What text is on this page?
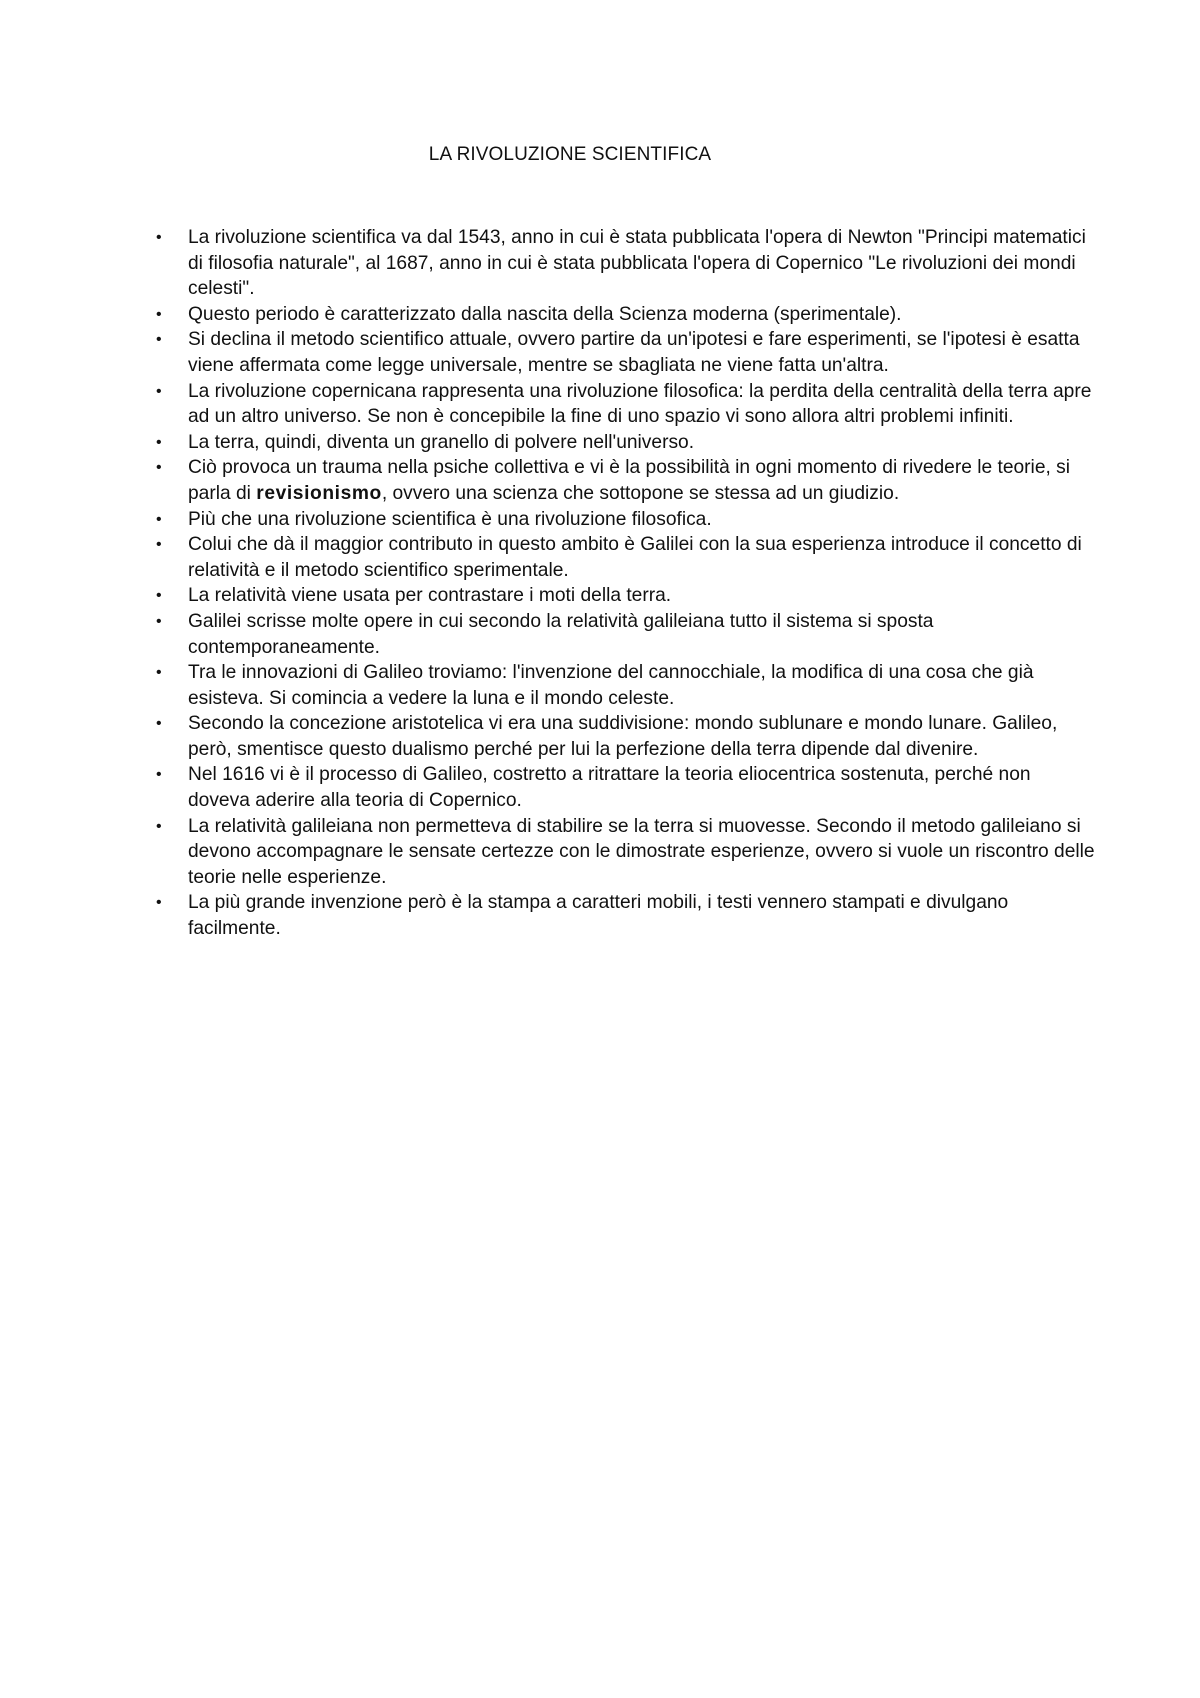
LA RIVOLUZIONE SCIENTIFICA
•	La rivoluzione scientifica va dal 1543, anno in cui è stata pubblicata l'opera di Newton "Principi matematici di filosofia naturale", al 1687, anno in cui è stata pubblicata l'opera di Copernico "Le rivoluzioni dei mondi celesti".
•	Questo periodo è caratterizzato dalla nascita della Scienza moderna (sperimentale).
•	Si declina il metodo scientifico attuale, ovvero partire da un'ipotesi e fare esperimenti, se l'ipotesi è esatta viene affermata come legge universale, mentre se sbagliata ne viene fatta un'altra.
•	La rivoluzione copernicana rappresenta una rivoluzione filosofica: la perdita della centralità della terra apre ad un altro universo. Se non è concepibile la fine di uno spazio vi sono allora altri problemi infiniti.
•	La terra, quindi, diventa un granello di polvere nell'universo.
•	Ciò provoca un trauma nella psiche collettiva e vi è la possibilità in ogni momento di rivedere le teorie, si parla di revisionismo, ovvero una scienza che sottopone se stessa ad un giudizio.
•	Più che una rivoluzione scientifica è una rivoluzione filosofica.
•	Colui che dà il maggior contributo in questo ambito è Galilei con la sua esperienza introduce il concetto di relatività e il metodo scientifico sperimentale.
•	La relatività viene usata per contrastare i moti della terra.
•	Galilei scrisse molte opere in cui secondo la relatività galileiana tutto il sistema si sposta contemporaneamente.
•	Tra le innovazioni di Galileo troviamo: l'invenzione del cannocchiale, la modifica di una cosa che già esisteva. Si comincia a vedere la luna e il mondo celeste.
•	Secondo la concezione aristotelica vi era una suddivisione: mondo sublunare e mondo lunare. Galileo, però, smentisce questo dualismo perché per lui la perfezione della terra dipende dal divenire.
•	Nel 1616 vi è il processo di Galileo, costretto a ritrattare la teoria eliocentrica sostenuta, perché non doveva aderire alla teoria di Copernico.
•	La relatività galileiana non permetteva di stabilire se la terra si muovesse. Secondo il metodo galileiano si devono accompagnare le sensate certezze con le dimostrate esperienze, ovvero si vuole un riscontro delle teorie nelle esperienze.
•	La più grande invenzione però è la stampa a caratteri mobili, i testi vennero stampati e divulgano facilmente.
